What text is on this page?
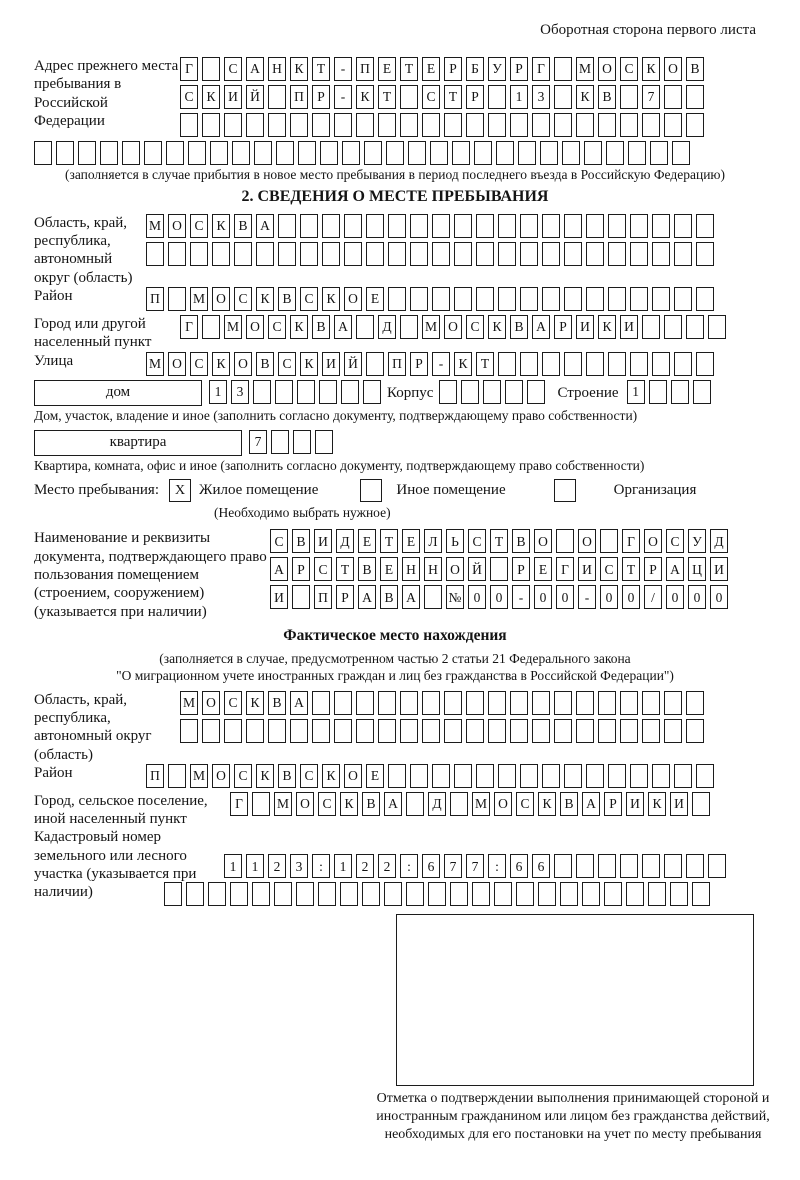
Оборотная сторона первого листа
Адрес прежнего места пребывания в Российской Федерации
Г	С А Н К Т	-	П Е	Т	Е	Р	Б У Р	Г	М О С К О В
С К И Й	П Р	-	К Т	С Т	Р	1	3	К В	7
(заполняется в случае прибытия в новое место пребывания в период последнего въезда в Российскую Федерацию)
2. СВЕДЕНИЯ О МЕСТЕ ПРЕБЫВАНИЯ
Область, край, республика, автономный округ (область)
М О С К В А
Район	П	М О С К В С К О Е
Город или другой населенный пункт
Г	М О С К В А	Д	М О С К В А Р И К И
Улица	М О С К О В С К И Й	П Р	-	К Т
дом	1	3	Корпус	Строение	1
Дом, участок, владение и иное (заполнить согласно документу, подтверждающему право собственности)
квартира	7
Квартира, комната, офис и иное (заполнить согласно документу, подтверждающему право собственности)
Место пребывания:	X Жилое помещение	Иное помещение	Организация
(Необходимо выбрать нужное)
Наименование и реквизиты документа, подтверждающего право пользования помещением (строением, сооружением) (указывается при наличии)
С В И Д Е	Т	Е Л	Ь	С Т В О	О	Г О С У Д
А Р	С Т В Е Н Н О Й	Р	Е	Г И С Т	Р А Ц И
И	П Р А В А	№ 0	0	-	0	0	-	0	0	/	0	0	0
Фактическое место нахождения
(заполняется в случае, предусмотренном частью 2 статьи 21 Федерального закона
"О миграционном учете иностранных граждан и лиц без гражданства в Российской Федерации")
Область, край, республика, автономный округ (область)
М О С К В А
Район	П	М О С К В С К О Е
Город, сельское поселение, иной населенный пункт
Г	М О С К В А	Д	М О С К В А Р И К И
Кадастровый номер земельного или лесного участка (указывается при наличии)
1	1	2	3	:	1	2	2	:	6	7	7	:	6	6
Отметка о подтверждении выполнения принимающей стороной и иностранным гражданином или лицом без гражданства действий, необходимых для его постановки на учет по месту пребывания
